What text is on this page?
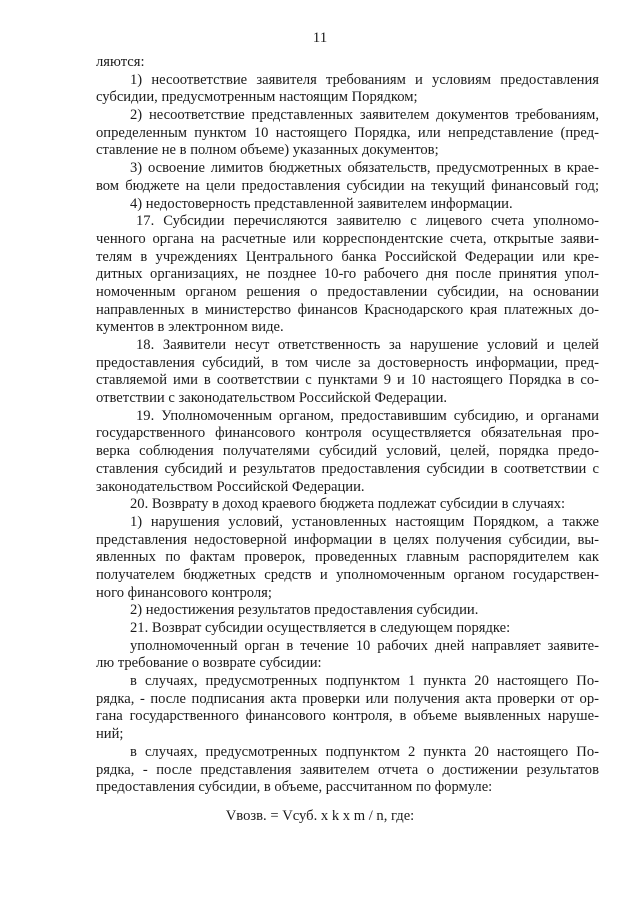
11
ляются:
1) несоответствие заявителя требованиям и условиям предоставления
субсидии, предусмотренным настоящим Порядком;
2) несоответствие представленных заявителем документов требованиям,
определенным пунктом 10 настоящего Порядка, или непредставление (пред-
ставление не в полном объеме) указанных документов;
3) освоение лимитов бюджетных обязательств, предусмотренных в крае-
вом бюджете на цели предоставления субсидии на текущий финансовый год;
4) недостоверность представленной заявителем информации.
17. Субсидии перечисляются заявителю с лицевого счета уполномо-
ченного органа на расчетные или корреспондентские счета, открытые заяви-
телям в учреждениях Центрального банка Российской Федерации или кре-
дитных организациях, не позднее 10-го рабочего дня после принятия упол-
номоченным органом решения о предоставлении субсидии, на основании
направленных в министерство финансов Краснодарского края платежных до-
кументов в электронном виде.
18. Заявители несут ответственность за нарушение условий и целей
предоставления субсидий, в том числе за достоверность информации, пред-
ставляемой ими в соответствии с пунктами 9 и 10 настоящего Порядка в со-
ответствии с законодательством Российской Федерации.
19. Уполномоченным органом, предоставившим субсидию, и органами
государственного финансового контроля осуществляется обязательная про-
верка соблюдения получателями субсидий условий, целей, порядка предо-
ставления субсидий и результатов предоставления субсидии в соответствии с
законодательством Российской Федерации.
20. Возврату в доход краевого бюджета подлежат субсидии в случаях:
1) нарушения условий, установленных настоящим Порядком, а также
представления недостоверной информации в целях получения субсидии, вы-
явленных по фактам проверок, проведенных главным распорядителем как
получателем бюджетных средств и уполномоченным органом государствен-
ного финансового контроля;
2) недостижения результатов предоставления субсидии.
21. Возврат субсидии осуществляется в следующем порядке:
уполномоченный орган в течение 10 рабочих дней направляет заявите-
лю требование о возврате субсидии:
в случаях, предусмотренных подпунктом 1 пункта 20 настоящего По-
рядка, - после подписания акта проверки или получения акта проверки от ор-
гана государственного финансового контроля, в объеме выявленных наруше-
ний;
в случаях, предусмотренных подпунктом 2 пункта 20 настоящего По-
рядка, - после представления заявителем отчета о достижении результатов
предоставления субсидии, в объеме, рассчитанном по формуле:
Vвозв. = Vсуб. x k x m / n, где:
